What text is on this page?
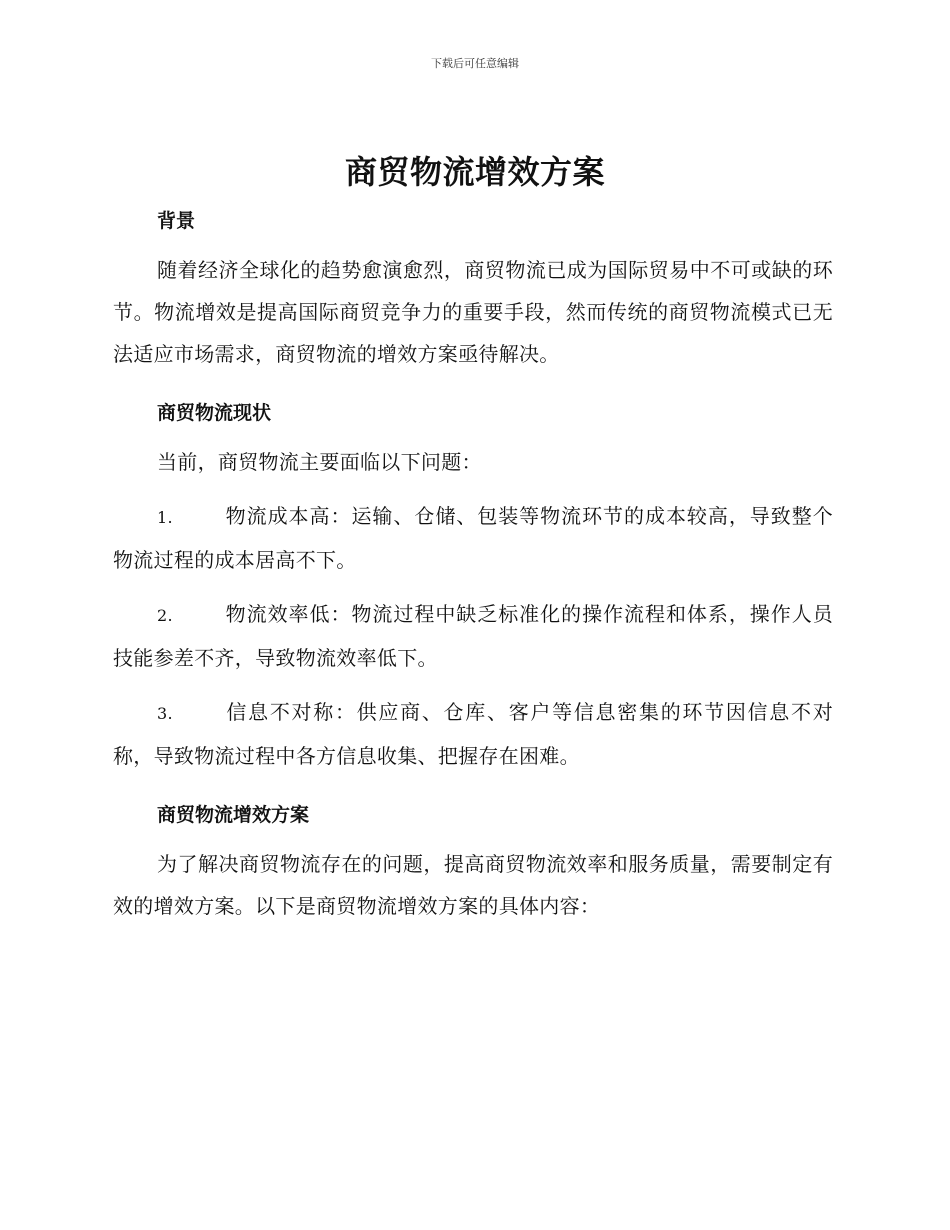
下载后可任意编辑
商贸物流增效方案
背景

随着经济全球化的趋势愈演愈烈，商贸物流已成为国际贸易中不可或缺的环节。物流增效是提高国际商贸竞争力的重要手段，然而传统的商贸物流模式已无法适应市场需求，商贸物流的增效方案亟待解决。

商贸物流现状

当前，商贸物流主要面临以下问题：

1.	物流成本高：运输、仓储、包装等物流环节的成本较高，导致整个物流过程的成本居高不下。

2.	物流效率低：物流过程中缺乏标准化的操作流程和体系，操作人员技能参差不齐，导致物流效率低下。

3.	信息不对称：供应商、仓库、客户等信息密集的环节因信息不对称，导致物流过程中各方信息收集、把握存在困难。

商贸物流增效方案

为了解决商贸物流存在的问题，提高商贸物流效率和服务质量，需要制定有效的增效方案。以下是商贸物流增效方案的具体内容：
